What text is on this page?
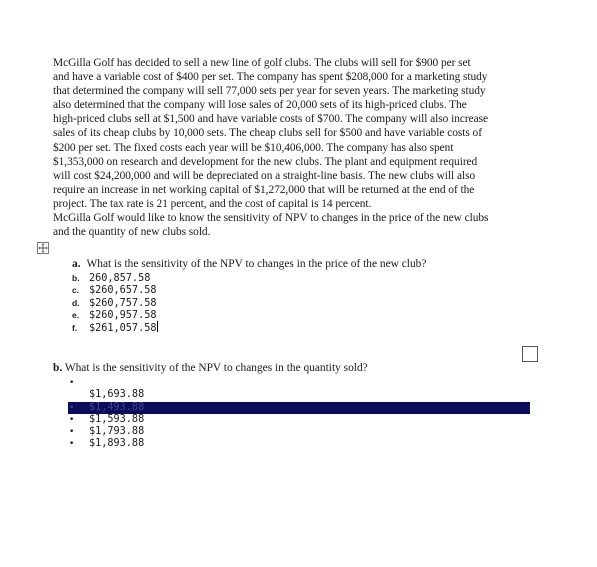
McGilla Golf has decided to sell a new line of golf clubs. The clubs will sell for $900 per set
and have a variable cost of $400 per set. The company has spent $208,000 for a marketing study
that determined the company will sell 77,000 sets per year for seven years. The marketing study
also determined that the company will lose sales of 20,000 sets of its high-priced clubs. The
high-priced clubs sell at $1,500 and have variable costs of $700. The company will also increase
sales of its cheap clubs by 10,000 sets. The cheap clubs sell for $500 and have variable costs of
$200 per set. The fixed costs each year will be $10,406,000. The company has also spent
$1,353,000 on research and development for the new clubs. The plant and equipment required
will cost $24,200,000 and will be depreciated on a straight-line basis. The new clubs will also
require an increase in net working capital of $1,272,000 that will be returned at the end of the
project. The tax rate is 21 percent, and the cost of capital is 14 percent.

McGilla Golf would like to know the sensitivity of NPV to changes in the price of the new clubs
and the quantity of new clubs sold.

a. What is the sensitivity of the NPV to changes in the price of the new club?
b. 260,857.58
c. $260,657.58
d. $260,757.58
e. $260,957.58
f. $261,057.58
b. What is the sensitivity of the NPV to changes in the quantity sold?
•
$1,693.88
• $1,493.88
• $1,593.88
• $1,793.88
• $1,893.88
